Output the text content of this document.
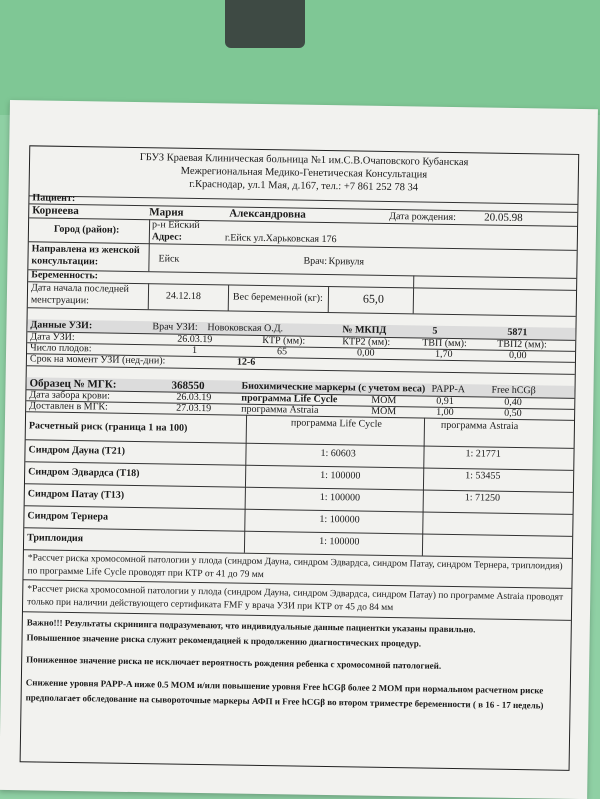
ГБУЗ Краевая Клиническая больница №1 им.С.В.Очаповского Кубанская
Межрегиональная Медико-Генетическая Консультация
г.Краснодар, ул.1 Мая, д.167, тел.: +7 861 252 78 34
Пациент:
Корнеева	Мария	Александровна	Дата рождения:	20.05.98
Город (район):	р-н Ейский
Адрес:	г.Ейск ул.Харьковская 176
Направлена из женской консультации:	Ейск	Врач: Кривуля
Беременность:
Дата начала последней менструации:	24.12.18	Вес беременной (кг):	65,0
Данные УЗИ:	Врач УЗИ: Новоковская О.Д.	№ МКПД	5	5871
Дата УЗИ:	26.03.19	КТР (мм):	КТР2 (мм):	ТВП (мм):	ТВП2 (мм):
Число плодов:	1	65	0,00	1,70	0,00
Срок на момент УЗИ (нед-дни):	12-6
Образец № МГК:	368550	Биохимические маркеры (с учетом веса) PAPP-A	Free hCGβ
Дата забора крови:	26.03.19	программа Life Cycle	MOM	0,91	0,40
Доставлен в МГК:	27.03.19	программа Astraia	MOM	1,00	0,50
Расчетный риск (граница 1 на 100)	программа Life Cycle	программа Astraia
Синдром Дауна (Т21)	1: 60603	1: 21771
Синдром Эдвардса (Т18)	1: 100000	1: 53455
Синдром Патау (Т13)	1: 100000	1: 71250
Синдром Тернера	1: 100000
Триплоидия	1: 100000
*Рассчет риска хромосомной патологии у плода (синдром Дауна, синдром Эдвардса, синдром Патау, синдром Тернера, триплоидия) по программе Life Cycle проводят при КТР от 41 до 79 мм
*Рассчет риска хромосомной патологии у плода (синдром Дауна, синдром Эдвардса, синдром Патау) по программе Astraia проводят только при наличии действующего сертификата FMF у врача УЗИ при КТР от 45 до 84 мм
Важно!!! Результаты скрининга подразумевают, что индивидуальные данные пациентки указаны правильно.
Повышенное значение риска служит рекомендацией к продолжению диагностических процедур.
Пониженное значение риска не исключает вероятность рождения ребенка с хромосомной патологией.
Снижение уровня PAPP-A ниже 0.5 MOM и/или повышение уровня Free hCGβ более 2 MOM при нормальном расчетном риске предполагает обследование на сывороточные маркеры АФП и Free hCGβ во втором триместре беременности ( в 16 - 17 недель)
